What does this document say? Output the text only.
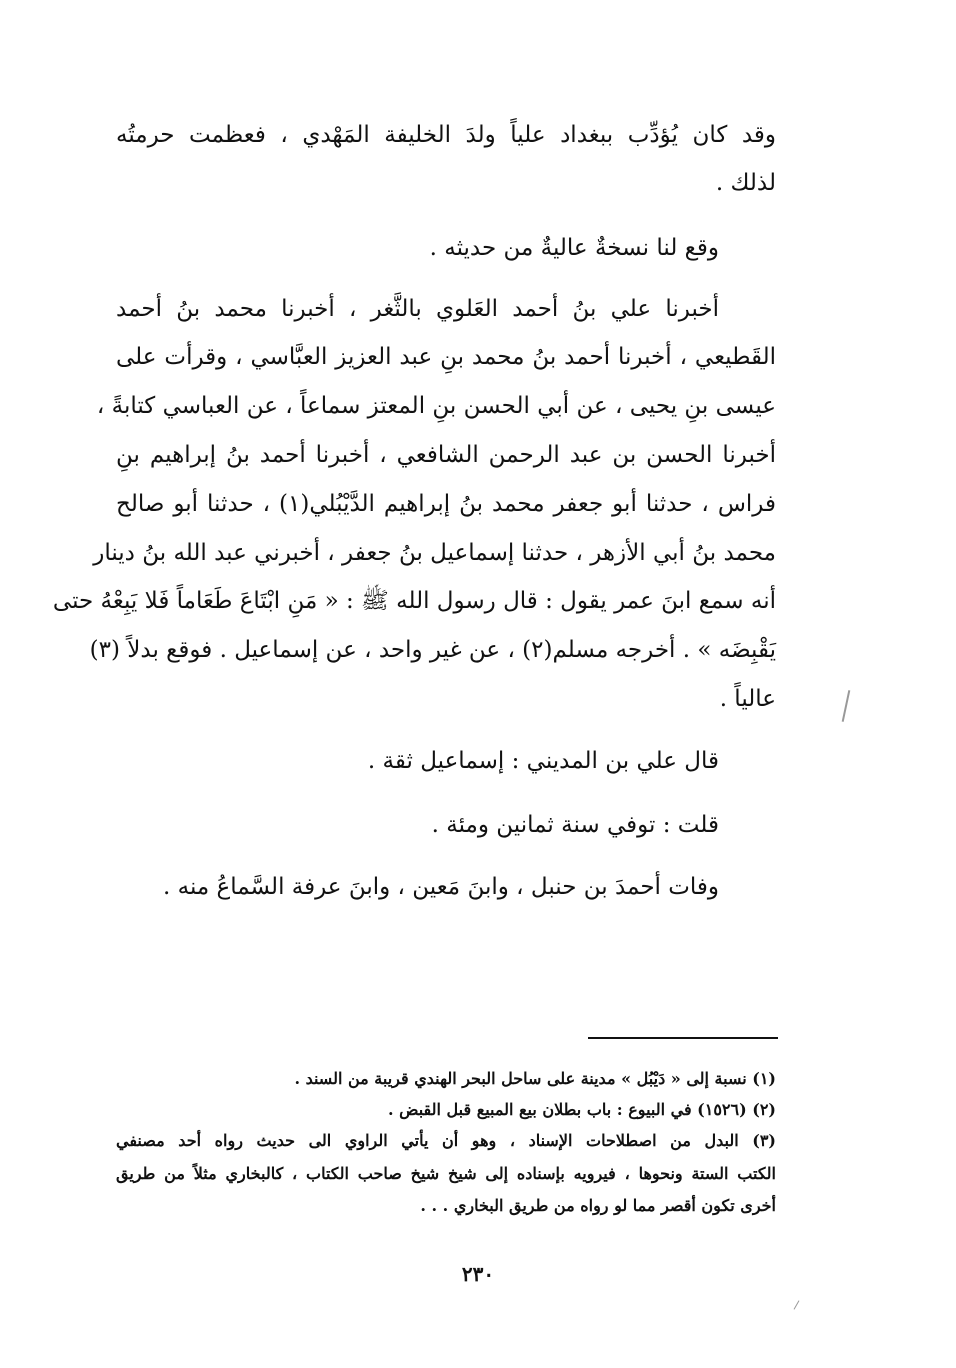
وقد كان يُؤدِّب ببغداد علياً ولدَ الخليفة المَهْدي ، فعظمت حرمتُه
لذلك .
وقع لنا نسخةٌ عاليةٌ من حديثه .
أخبرنا علي بنُ أحمد العَلوي بالثَّغر ، أخبرنا محمد بنُ أحمد
القَطيعي ، أخبرنا أحمد بنُ محمد بنِ عبد العزيز العبَّاسي ، وقرأت على
عيسى بنِ يحيى ، عن أبي الحسن بنِ المعتز سماعاً ، عن العباسي كتابةً ،
أخبرنا الحسن بن عبد الرحمن الشافعي ، أخبرنا أحمد بنُ إبراهيم بنِ
فراس ، حدثنا أبو جعفر محمد بنُ إبراهيم الدَّيْبُلي(١) ، حدثنا أبو صالح
محمد بنُ أبي الأزهر ، حدثنا إسماعيل بنُ جعفر ، أخبرني عبد الله بنُ دينار
أنه سمع ابنَ عمر يقول : قال رسول الله ﷺ : « مَنِ ابْتَاعَ طَعَاماً فَلا يَبِعْهُ حتى
يَقْبِضَه » . أخرجه مسلم(٢) ، عن غير واحد ، عن إسماعيل . فوقع بدلاً (٣)
عالياً .
قال علي بن المديني : إسماعيل ثقة .
قلت : توفي سنة ثمانين ومئة .
وفات أحمدَ بن حنبل ، وابنَ مَعين ، وابنَ عرفة السَّماعُ منه .
(١) نسبة إلى « دَيْبُل » مدينة على ساحل البحر الهندي قريبة من السند .
(٢) (١٥٢٦) في البيوع : باب بطلان بيع المبيع قبل القبض .
(٣) البدل من اصطلاحات الإسناد ، وهو أن يأتي الراوي الى حديث رواه أحد مصنفي
الكتب الستة ونحوها ، فيرويه بإسناده إلى شيخ شيخ صاحب الكتاب ، كالبخاري مثلاً من طريق
أخرى تكون أقصر مما لو رواه من طريق البخاري . . .
٢٣٠
